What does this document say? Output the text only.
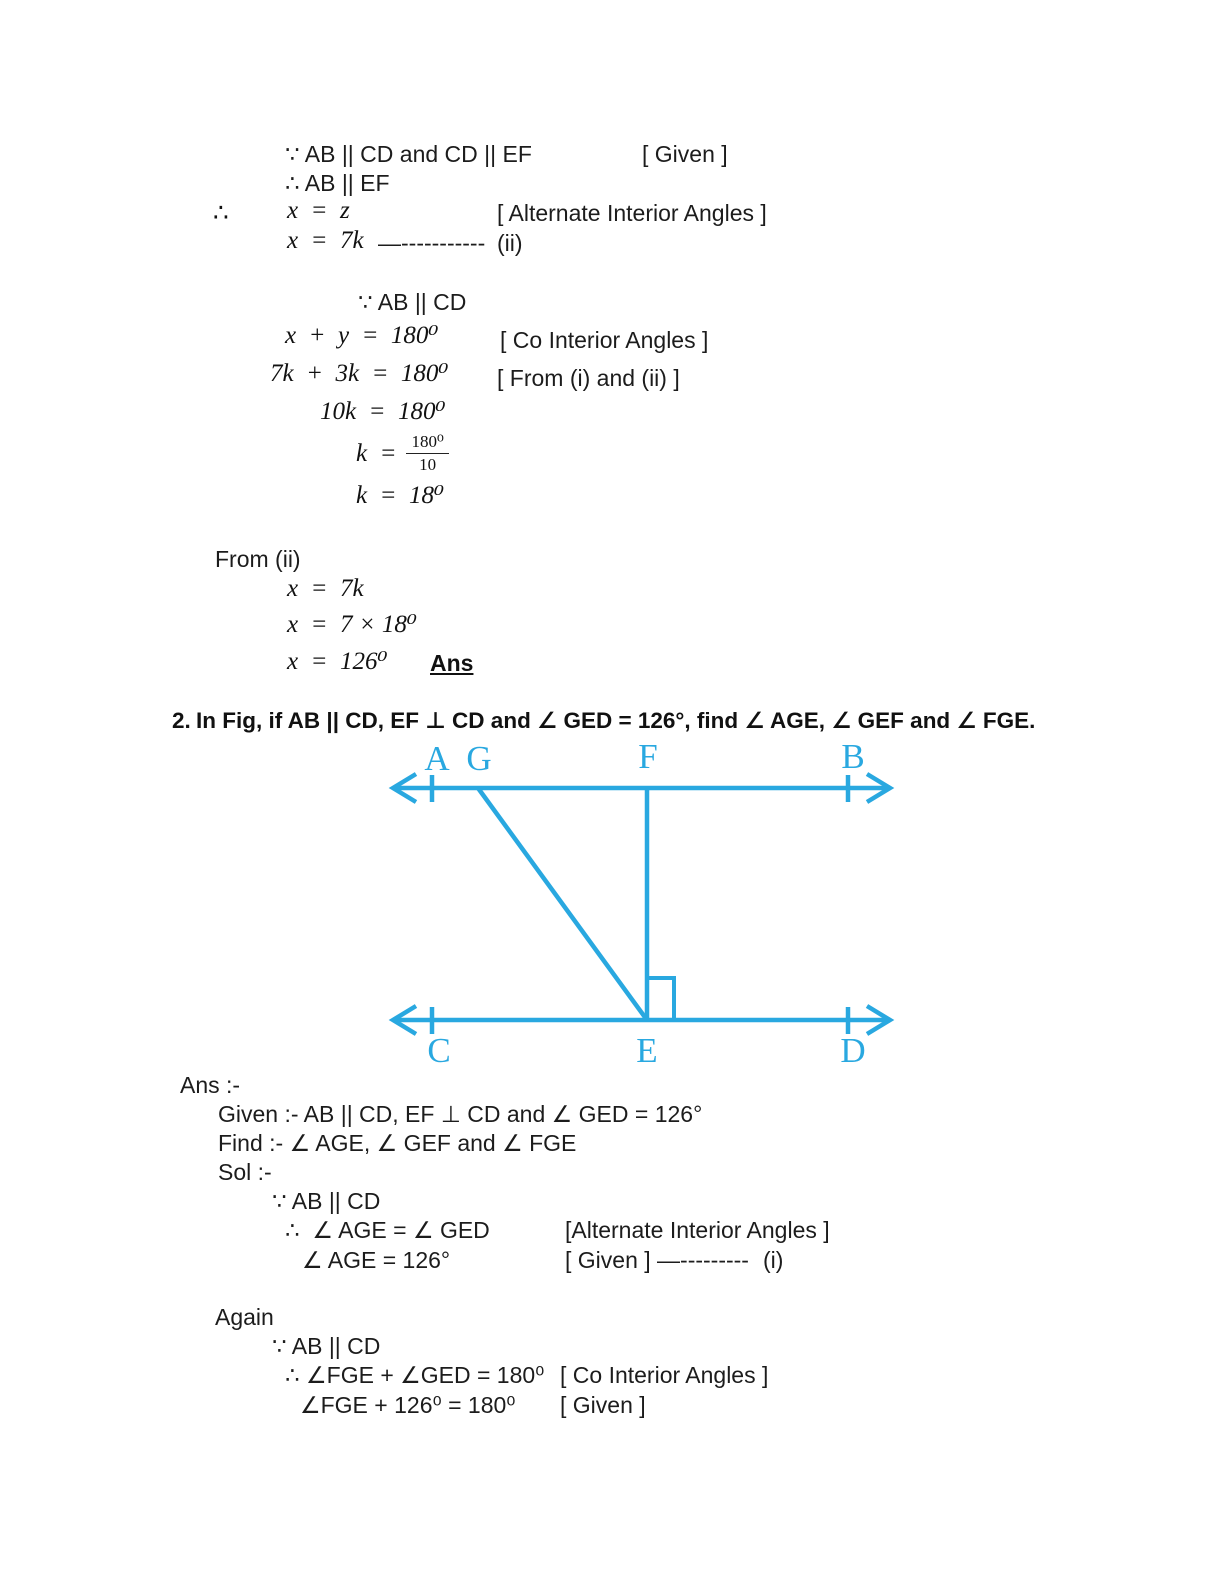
∵ AB || CD and CD || EF	[ Given ]
∴ AB || EF
∴ x  =  z	[ Alternate Interior Angles ]
x  =  7k —----------- (ii)
∵ AB || CD
x  +  y  =  180⁰	[ Co Interior Angles ]
7k  +  3k  =  180⁰ [ From (i) and (ii) ]
10k  =  180⁰
$k = \frac{\text{180⁰}}{10}$
k  =  18⁰
From (ii)
x  =  7k
x  =  7 × 18⁰
x  =  126⁰ Ans
2. In Fig, if AB || CD, EF ⊥ CD and ∠ GED = 126°, find ∠ AGE, ∠ GEF and ∠ FGE.
A G	F	B
C	E	D
Ans :-
Given :- AB || CD, EF ⊥ CD and ∠ GED = 126°
Find :- ∠ AGE, ∠ GEF and ∠ FGE
Sol :-
∵ AB || CD
∴  ∠ AGE = ∠ GED	[Alternate Interior Angles ]
∠ AGE = 126°	[ Given ] —--------- (i)
Again
∵ AB || CD
∴ ∠FGE + ∠GED = 180⁰ [ Co Interior Angles ]
∠FGE + 126⁰ = 180⁰ [ Given ]
